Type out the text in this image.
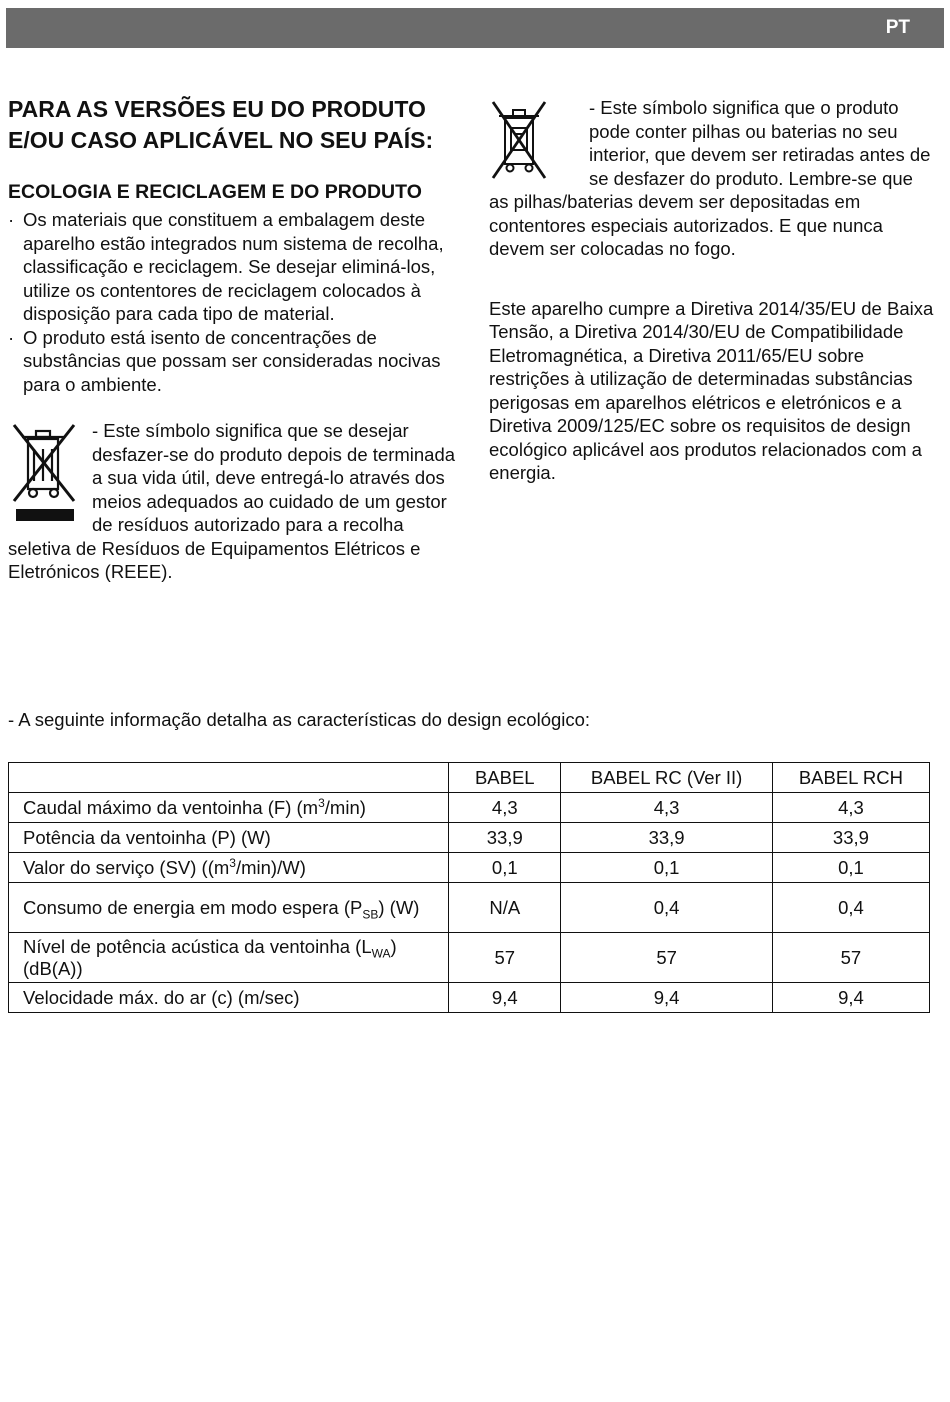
PT
PARA AS VERSÕES EU DO PRODUTO E/OU CASO APLICÁVEL NO SEU PAÍS:
ECOLOGIA E RECICLAGEM E DO PRODUTO
· Os materiais que constituem a embalagem deste aparelho estão integrados num sistema de recolha, classificação e reciclagem. Se desejar eliminá-los, utilize os contentores de reciclagem colocados à disposição para cada tipo de material.
· O produto está isento de concentrações de substâncias que possam ser consideradas nocivas para o ambiente.

- Este símbolo significa que se desejar desfazer-se do produto depois de terminada a sua vida útil, deve entregá-lo através dos meios adequados ao cuidado de um gestor de resíduos autorizado para a recolha seletiva de Resíduos de Equipamentos Elétricos e Eletrónicos (REEE).

- Este símbolo significa que o produto pode conter pilhas ou baterias no seu interior, que devem ser retiradas antes de se desfazer do produto. Lembre-se que as pilhas/baterias devem ser depositadas em contentores especiais autorizados. E que nunca devem ser colocadas no fogo.

Este aparelho cumpre a Diretiva 2014/35/EU de Baixa Tensão, a Diretiva 2014/30/EU de Compatibilidade Eletromagnética, a Diretiva 2011/65/EU sobre restrições à utilização de determinadas substâncias perigosas em aparelhos elétricos e eletrónicos e a Diretiva 2009/125/EC sobre os requisitos de design ecológico aplicável aos produtos relacionados com a energia.

- A seguinte informação detalha as características do design ecológico:
	BABEL	BABEL RC (Ver II)	BABEL RCH
Caudal máximo da ventoinha (F) $(m^3/\min)$	4,3	4,3	4,3
Potência da ventoinha (P) (W)	33,9	33,9	33,9
Valor do serviço (SV) $((m^3/\min)/W)$	0,1	0,1	0,1
Consumo de energia em modo espera $(P_{SB})$ (W)	N/A	0,4	0,4
Nível de potência acústica da ventoinha $(L_{WA})$ (dB(A))	57	57	57
Velocidade máx. do ar (c) (m/sec)	9,4	9,4	9,4
